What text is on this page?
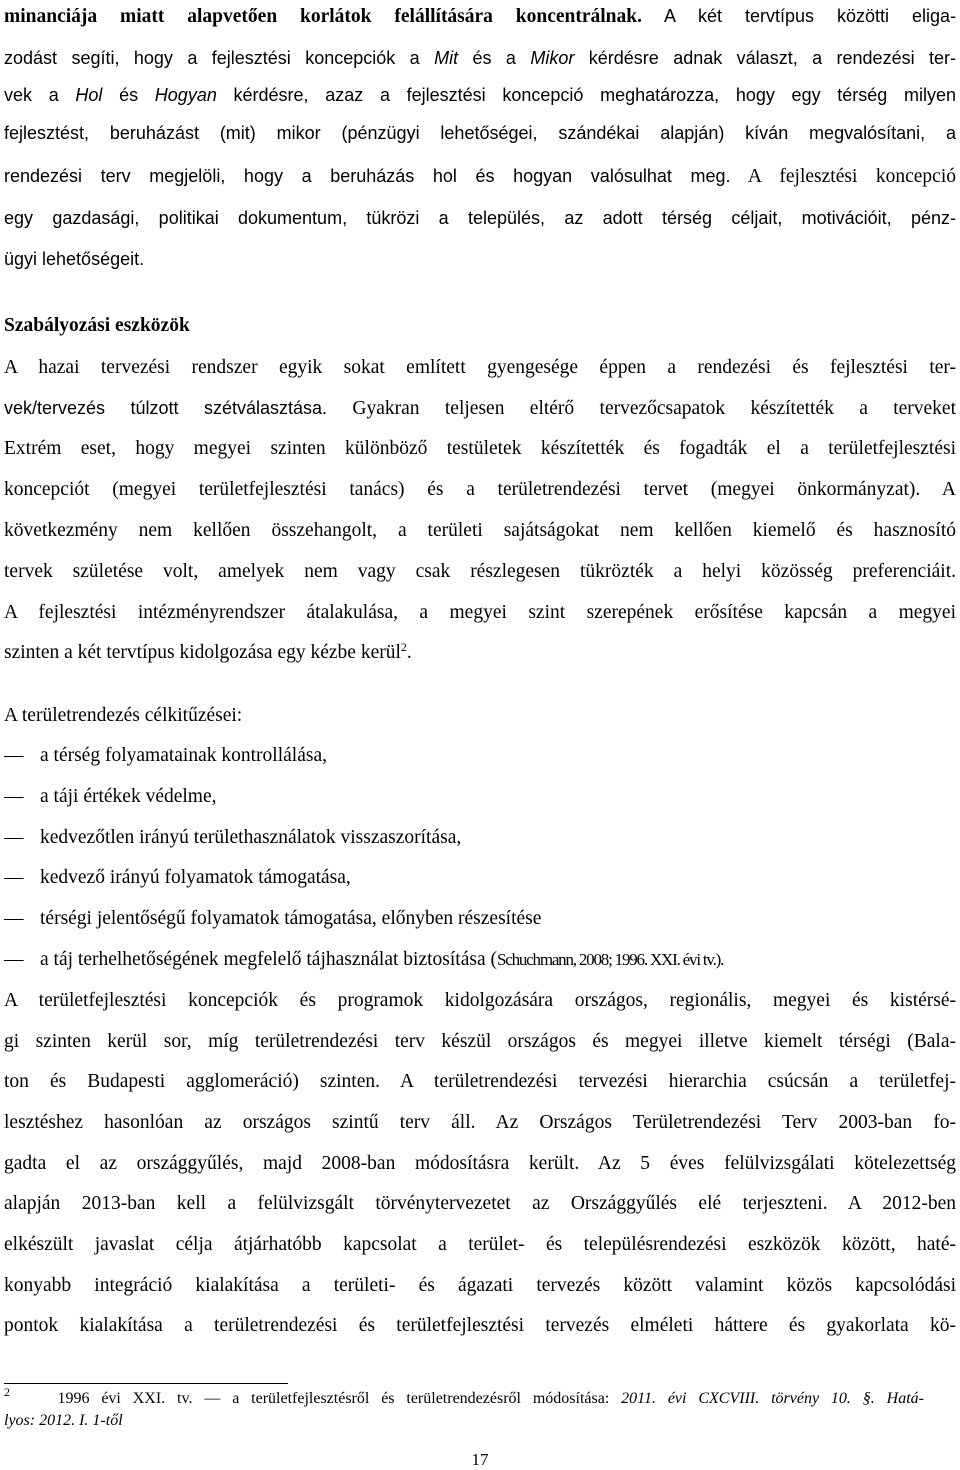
minanciája miatt alapvetően korlátok felállítására koncentrálnak. A két tervtípus közötti eliga-
zodást segíti, hogy a fejlesztési koncepciók a Mit és a Mikor kérdésre adnak választ, a rendezési ter-
vek a Hol és Hogyan kérdésre, azaz a fejlesztési koncepció meghatározza, hogy egy térség milyen
fejlesztést, beruházást (mit) mikor (pénzügyi lehetőségei, szándékai alapján) kíván megvalósítani, a
rendezési terv megjelöli, hogy a beruházás hol és hogyan valósulhat meg. A fejlesztési koncepció
egy gazdasági, politikai dokumentum, tükrözi a település, az adott térség céljait, motivációit, pénz-
ügyi lehetőségeit.
Szabályozási eszközök
A hazai tervezési rendszer egyik sokat említett gyengesége éppen a rendezési és fejlesztési ter-
vek/tervezés túlzott szétválasztása. Gyakran teljesen eltérő tervezőcsapatok készítették a terveket
Extrém eset, hogy megyei szinten különböző testületek készítették és fogadták el a területfejlesztési
koncepciót (megyei területfejlesztési tanács) és a területrendezési tervet (megyei önkormányzat). A
következmény nem kellően összehangolt, a területi sajátságokat nem kellően kiemelő és hasznosító
tervek születése volt, amelyek nem vagy csak részlegesen tükrözték a helyi közösség preferenciáit.
A fejlesztési intézményrendszer átalakulása, a megyei szint szerepének erősítése kapcsán a megyei
szinten a két tervtípus kidolgozása egy kézbe kerül$^2$.
A területrendezés célkitűzései:
— a térség folyamatainak kontrollálása,
— a táji értékek védelme,
— kedvezőtlen irányú területhasználatok visszaszorítása,
— kedvező irányú folyamatok támogatása,
— térségi jelentőségű folyamatok támogatása, előnyben részesítése
— a táj terhelhetőségének megfelelő tájhasználat biztosítása (Schuchmann, 2008; 1996. XXI. évi tv.).
A területfejlesztési koncepciók és programok kidolgozására országos, regionális, megyei és kistérsé-
gi szinten kerül sor, míg területrendezési terv készül országos és megyei illetve kiemelt térségi (Bala-
ton és Budapesti agglomeráció) szinten. A területrendezési tervezési hierarchia csúcsán a területfej-
lesztéshez hasonlóan az országos szintű terv áll. Az Országos Területrendezési Terv 2003-ban fo-
gadta el az országgyűlés, majd 2008-ban módosításra került. Az 5 éves felülvizsgálati kötelezettség
alapján 2013-ban kell a felülvizsgált törvénytervezetet az Országgyűlés elé terjeszteni. A 2012-ben
elkészült javaslat célja átjárhatóbb kapcsolat a terület- és településrendezési eszközök között, haté-
konyabb integráció kialakítása a területi- és ágazati tervezés között valamint közös kapcsolódási
pontok kialakítása a területrendezési és területfejlesztési tervezés elméleti háttere és gyakorlata kö-
$^2$	1996 évi XXI. tv. — a területfejlesztésről és területrendezésről módosítása: 2011. évi CXCVIII. törvény 10. §. Hatá-
lyos: 2012. I. 1-től
17
